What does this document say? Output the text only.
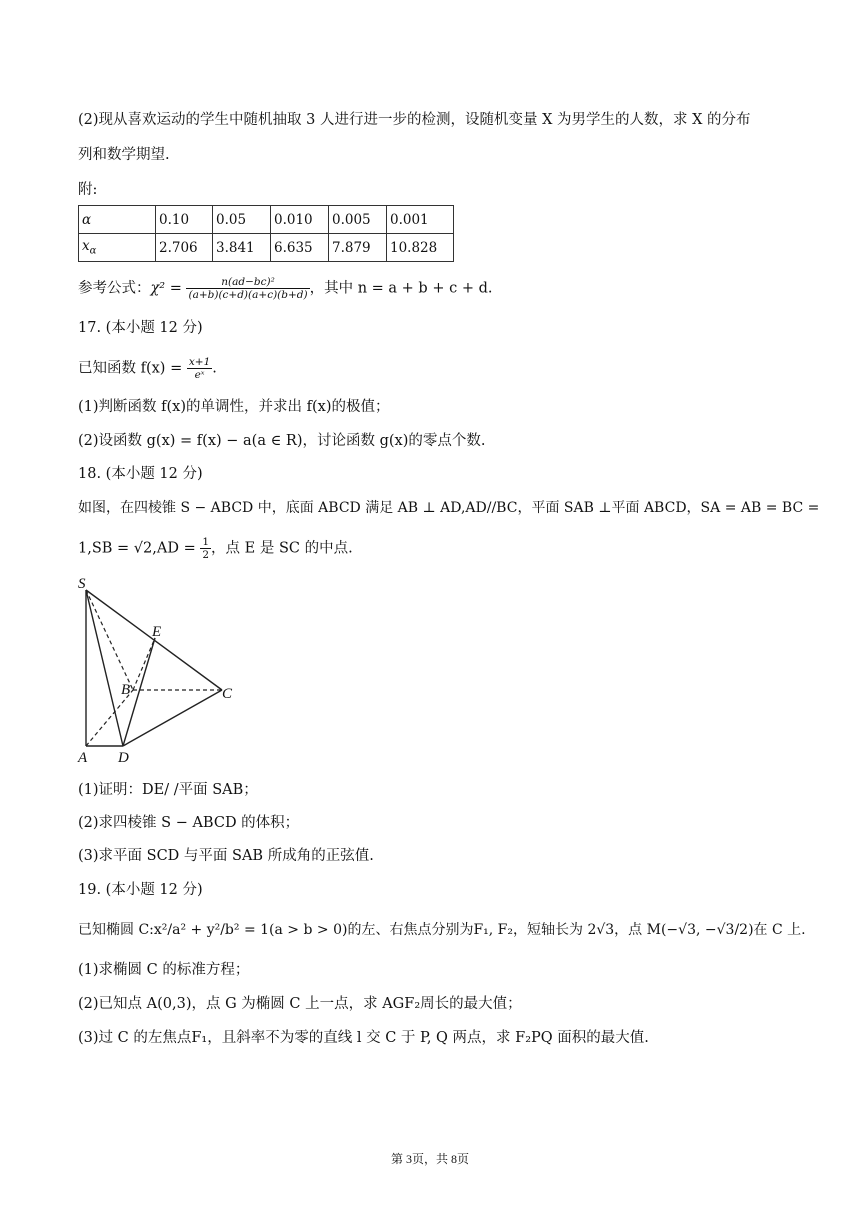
(2)现从喜欢运动的学生中随机抽取 3 人进行进一步的检测，设随机变量 X 为男学生的人数，求 X 的分布
列和数学期望.
附:
α	0.10	0.05	0.010	0.005	0.001
$x_\alpha$	2.706	3.841	6.635	7.879	10.828
参考公式：$\chi^2 = \frac{\text{n(ad−bc)²}}{(a+b)(c+d)(a+c)(b+d)}$ ，其中 n = a + b + c + d.
17. (本小题 12 分)
已知函数 $f(x) = \frac{x+1}{\text{eˣ}}$ .
(1)判断函数 f(x)的单调性，并求出 f(x)的极值；
(2)设函数 g(x) = f(x) − a(a ∈ R)，讨论函数 g(x)的零点个数.
18. (本小题 12 分)
如图，在四棱锥 S − ABCD 中，底面 ABCD 满足 AB ⊥ AD,AD//BC，平面 SAB ⊥平面 ABCD，SA = AB = BC =
$1,SB = √2,AD = \frac{1}{2}$ ，点 E 是 SC 的中点.
S
E
B	C
A D
(1)证明：DE/ /平面 SAB；
(2)求四棱锥 S − ABCD 的体积；
(3)求平面 SCD 与平面 SAB 所成角的正弦值.
19. (本小题 12 分)
已知椭圆 C:x²/a² + y²/b² = 1(a > b > 0)的左、右焦点分别为F₁, F₂，短轴长为 2√3，点 M(−√3, −√3/2)在 C 上.
(1)求椭圆 C 的标准方程；
(2)已知点 A(0,3)，点 G 为椭圆 C 上一点，求 AGF₂周长的最大值；
(3)过 C 的左焦点F₁，且斜率不为零的直线 l 交 C 于 P, Q 两点，求 F₂PQ 面积的最大值.
第 3页，共 8页
